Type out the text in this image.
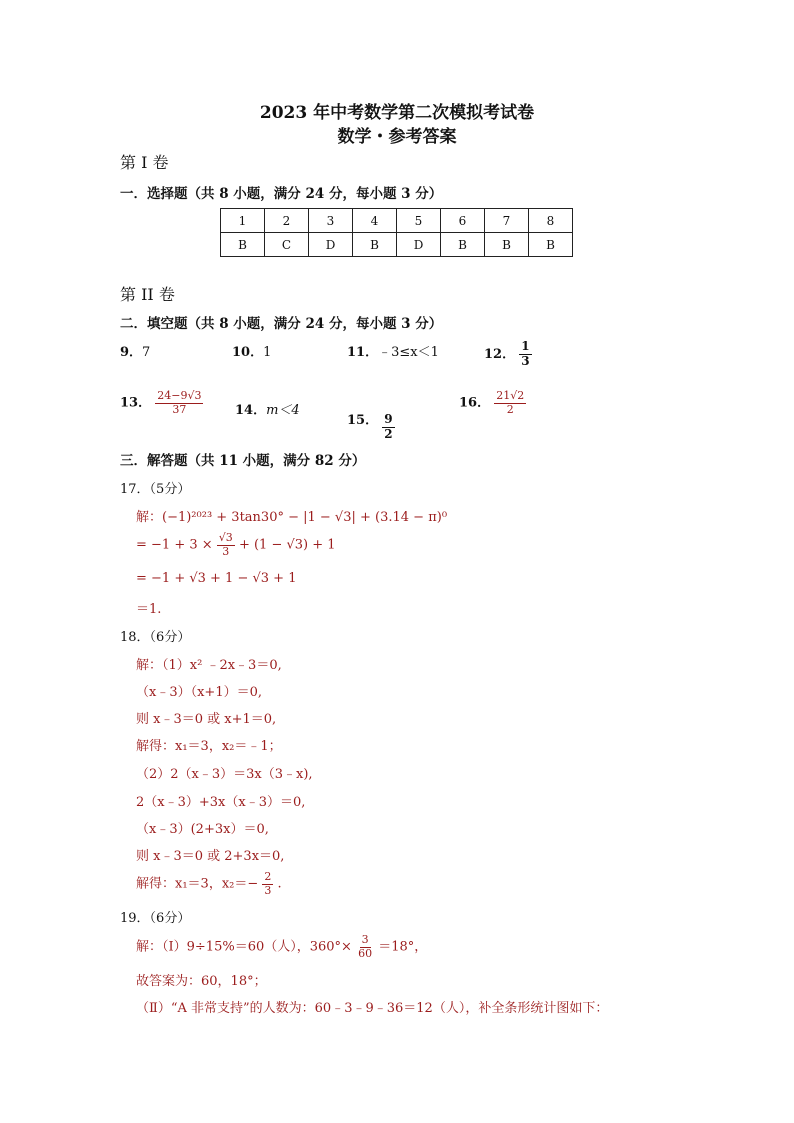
2023 年中考数学第二次模拟考试卷
数学・参考答案
第 I 卷
一．选择题（共 8 小题，满分 24 分，每小题 3 分）
1	2	3	4	5	6	7	8
B	C	D	B	D	B	B	B
第 II 卷
二．填空题（共 8 小题，满分 24 分，每小题 3 分）
9．7	10．1	11．﹣3≤x＜1	12． $\frac{1}{3}$
13． $\frac{24-9√3}{37} 14$．m＜4
15． $\frac{9}{2}$
16． $\frac{21√2}{2}$
三．解答题（共 11 小题，满分 82 分）
17．（5分）
解：(−1)²⁰²³ + 3tan30° − |1 − √3| + (3.14 − π)⁰
= $-1 + 3 \times \frac{√3}{3} + (1 - √3) + 1$
= −1 + √3 + 1 − √3 + 1
＝1.
18．（6分）
解：（1）x² ﹣2x﹣3＝0,
（x﹣3）（x+1）＝0,
则 x﹣3＝0 或 x+1＝0,
解得：x₁＝3，x₂＝﹣1；
（2）2（x﹣3）＝3x（3﹣x),
2（x﹣3）+3x（x﹣3）＝0,
（x﹣3）(2+3x）＝0,
则 x﹣3＝0 或 2+3x＝0,
解得：x₁＝3，$x_2=- \frac{2}{3}$ .
19．（6分）
解：（Ⅰ）9÷15%＝60（人），$360^\circ\times \frac{3}{60} =18^\circ$，
故答案为：60，18°；
（Ⅱ）“A 非常支持”的人数为：60﹣3﹣9﹣36＝12（人），补全条形统计图如下：
